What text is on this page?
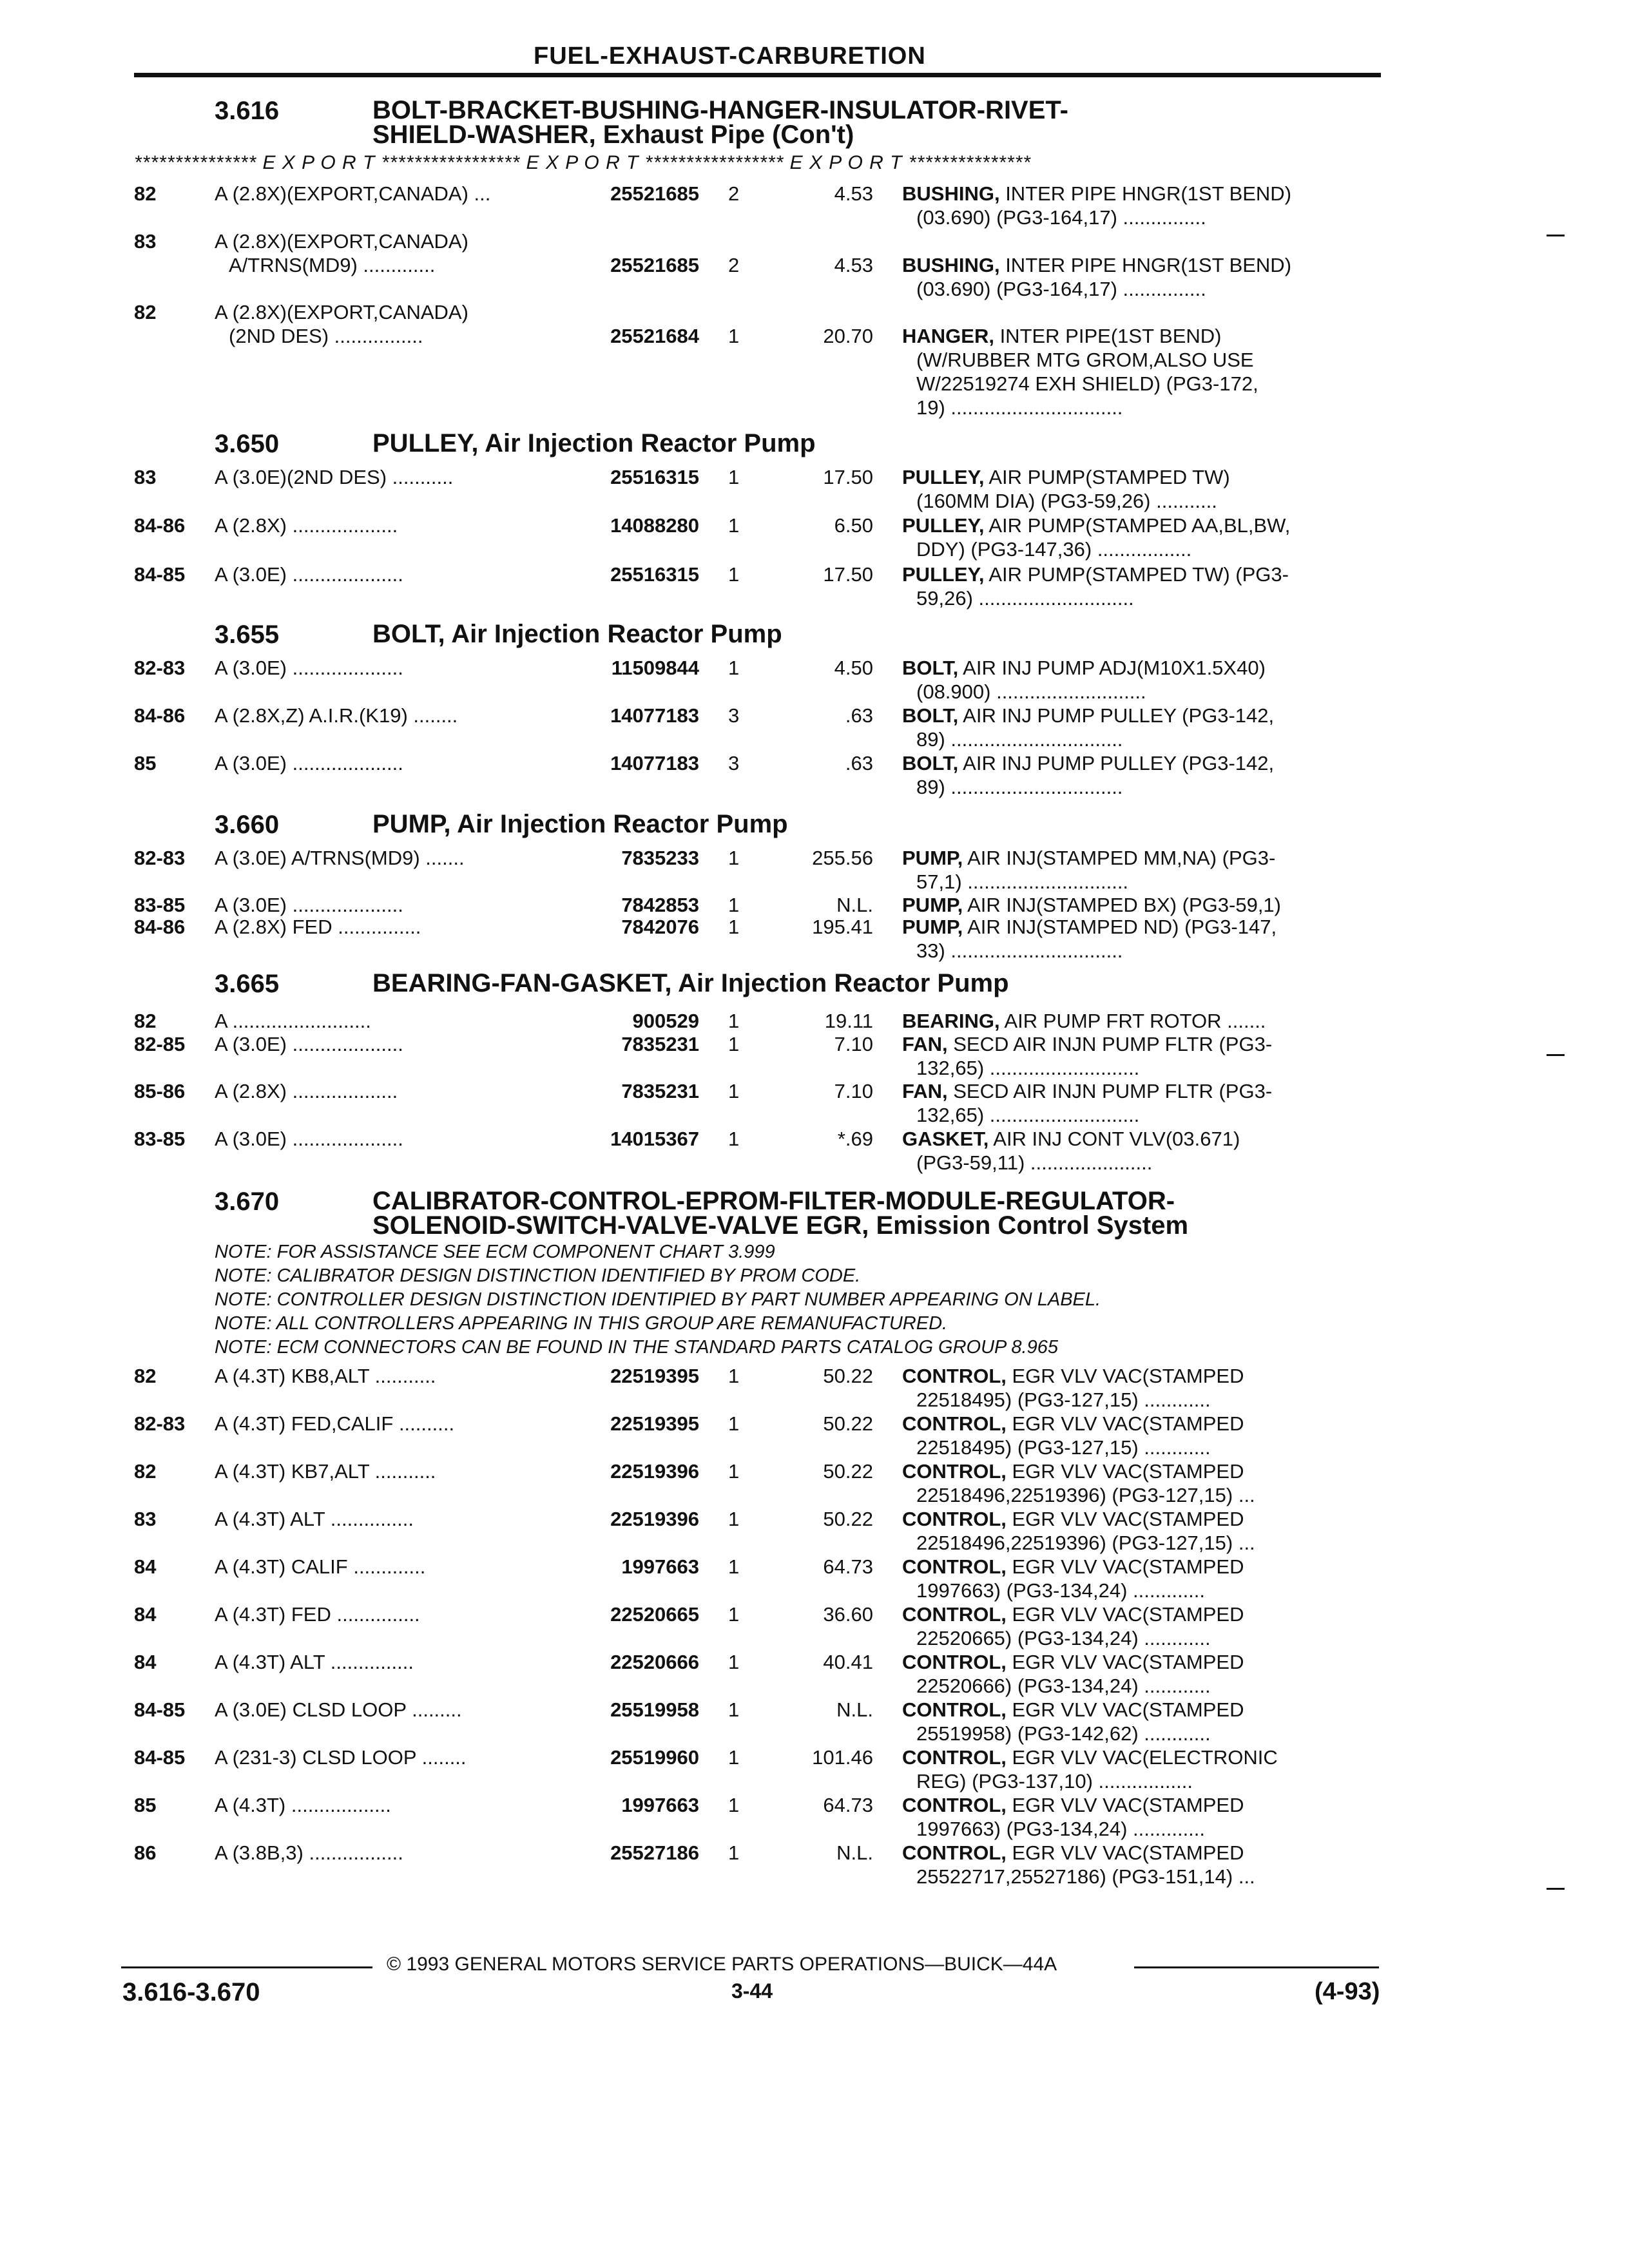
FUEL-EXHAUST-CARBURETION
3.616	BOLT-BRACKET-BUSHING-HANGER-INSULATOR-RIVET-
SHIELD-WASHER, Exhaust Pipe (Con't)
*************** E X P O R T ***************** E X P O R T ***************** E X P O R T ***************
82	A (2.8X)(EXPORT,CANADA) ...	25521685 2	4.53 BUSHING, INTER PIPE HNGR(1ST BEND)
(03.690) (PG3-164,17) ...............
83	A (2.8X)(EXPORT,CANADA)
A/TRNS(MD9) .............	25521685 2	4.53 BUSHING, INTER PIPE HNGR(1ST BEND)
(03.690) (PG3-164,17) ...............
82	A (2.8X)(EXPORT,CANADA)
(2ND DES) ................	25521684 1	20.70 HANGER, INTER PIPE(1ST BEND)
(W/RUBBER MTG GROM,ALSO USE
W/22519274 EXH SHIELD) (PG3-172,
19) ...............................
3.650	PULLEY, Air Injection Reactor Pump
83	A (3.0E)(2ND DES) ...........	25516315 1	17.50 PULLEY, AIR PUMP(STAMPED TW)
(160MM DIA) (PG3-59,26) ...........
84-86 A (2.8X) ...................	14088280 1	6.50 PULLEY, AIR PUMP(STAMPED AA,BL,BW,
DDY) (PG3-147,36) .................
84-85 A (3.0E) ....................	25516315 1	17.50 PULLEY, AIR PUMP(STAMPED TW) (PG3-
59,26) ............................
3.655	BOLT, Air Injection Reactor Pump
82-83 A (3.0E) ....................	11509844 1	4.50 BOLT, AIR INJ PUMP ADJ(M10X1.5X40)
(08.900) ...........................
84-86 A (2.8X,Z) A.I.R.(K19) ........	14077183 3	.63 BOLT, AIR INJ PUMP PULLEY (PG3-142,
89) ...............................
85	A (3.0E) ....................	14077183 3	.63 BOLT, AIR INJ PUMP PULLEY (PG3-142,
89) ...............................
3.660	PUMP, Air Injection Reactor Pump
82-83 A (3.0E) A/TRNS(MD9) .......	7835233 1	255.56 PUMP, AIR INJ(STAMPED MM,NA) (PG3-
57,1) .............................
83-85 A (3.0E) ....................	7842853 1	N.L. PUMP, AIR INJ(STAMPED BX) (PG3-59,1)
84-86 A (2.8X) FED ...............	7842076 1	195.41 PUMP, AIR INJ(STAMPED ND) (PG3-147,
33) ...............................
3.665	BEARING-FAN-GASKET, Air Injection Reactor Pump
82	A .........................	900529 1	19.11 BEARING, AIR PUMP FRT ROTOR .......
82-85 A (3.0E) ....................	7835231 1	7.10 FAN, SECD AIR INJN PUMP FLTR (PG3-
132,65) ...........................
85-86 A (2.8X) ...................	7835231 1	7.10 FAN, SECD AIR INJN PUMP FLTR (PG3-
132,65) ...........................
83-85 A (3.0E) ....................	14015367 1	*.69 GASKET, AIR INJ CONT VLV(03.671)
(PG3-59,11) ......................
3.670	CALIBRATOR-CONTROL-EPROM-FILTER-MODULE-REGULATOR-
SOLENOID-SWITCH-VALVE-VALVE EGR, Emission Control System
NOTE: FOR ASSISTANCE SEE ECM COMPONENT CHART 3.999
NOTE: CALIBRATOR DESIGN DISTINCTION IDENTIFIED BY PROM CODE.
NOTE: CONTROLLER DESIGN DISTINCTION IDENTIPIED BY PART NUMBER APPEARING ON LABEL.
NOTE: ALL CONTROLLERS APPEARING IN THIS GROUP ARE REMANUFACTURED.
NOTE: ECM CONNECTORS CAN BE FOUND IN THE STANDARD PARTS CATALOG GROUP 8.965
82	A (4.3T) KB8,ALT ...........	22519395 1	50.22 CONTROL, EGR VLV VAC(STAMPED
22518495) (PG3-127,15) ............
82-83 A (4.3T) FED,CALIF ..........	22519395 1	50.22 CONTROL, EGR VLV VAC(STAMPED
22518495) (PG3-127,15) ............
82	A (4.3T) KB7,ALT ...........	22519396 1	50.22 CONTROL, EGR VLV VAC(STAMPED
22518496,22519396) (PG3-127,15) ...
83	A (4.3T) ALT ...............	22519396 1	50.22 CONTROL, EGR VLV VAC(STAMPED
22518496,22519396) (PG3-127,15) ...
84	A (4.3T) CALIF .............	1997663 1	64.73 CONTROL, EGR VLV VAC(STAMPED
1997663) (PG3-134,24) .............
84	A (4.3T) FED ...............	22520665 1	36.60 CONTROL, EGR VLV VAC(STAMPED
22520665) (PG3-134,24) ............
84	A (4.3T) ALT ...............	22520666 1	40.41 CONTROL, EGR VLV VAC(STAMPED
22520666) (PG3-134,24) ............
84-85 A (3.0E) CLSD LOOP .........	25519958 1	N.L. CONTROL, EGR VLV VAC(STAMPED
25519958) (PG3-142,62) ............
84-85 A (231-3) CLSD LOOP ........	25519960 1	101.46 CONTROL, EGR VLV VAC(ELECTRONIC
REG) (PG3-137,10) .................
85	A (4.3T) ..................	1997663 1	64.73 CONTROL, EGR VLV VAC(STAMPED
1997663) (PG3-134,24) .............
86	A (3.8B,3) .................	25527186 1	N.L. CONTROL, EGR VLV VAC(STAMPED
25522717,25527186) (PG3-151,14) ...
© 1993 GENERAL MOTORS SERVICE PARTS OPERATIONS—BUICK—44A
3.616-3.670	3-44	(4-93)
